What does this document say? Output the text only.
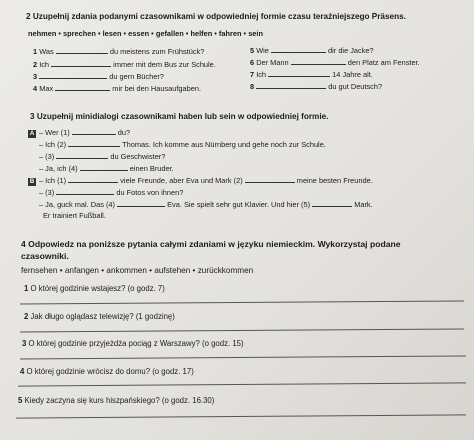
2 Uzupełnij zdania podanymi czasownikami w odpowiedniej formie czasu teraźniejszego Präsens.
nehmen • sprechen • lesen • essen • gefallen • helfen • fahren • sein
1 Was	du meistens zum Frühstück?
2 Ich	immer mit dem Bus zur Schule.
3	du gern Bücher?
4 Max	mir bei den Hausaufgaben.
5 Wie	dir die Jacke?
6 Der Mann	den Platz am Fenster.
7 Ich	14 Jahre alt.
8	du gut Deutsch?
3 Uzupełnij minidialogi czasownikami haben lub sein w odpowiedniej formie.
A – Wer (1)	du?
– Ich (2)	Thomas. Ich komme aus Nürnberg und gehe noch zur Schule.
– (3)	du Geschwister?
– Ja, ich (4)	einen Bruder.
B – Ich (1)	viele Freunde, aber Eva und Mark (2)	meine besten Freunde.
– (3)	du Fotos von ihnen?
– Ja, guck mal. Das (4)	Eva. Sie spielt sehr gut Klavier. Und hier (5)	Mark.
Er trainiert Fußball.
4 Odpowiedz na poniższe pytania całymi zdaniami w języku niemieckim. Wykorzystaj podane
czasowniki.
fernsehen • anfangen • ankommen • aufstehen • zurückkommen
1 O której godzinie wstajesz? (o godz. 7)
2 Jak długo oglądasz telewizję? (1 godzinę)
3 O której godzinie przyjeżdża pociąg z Warszawy? (o godz. 15)
4 O której godzinie wrócisz do domu? (o godz. 17)
5 Kiedy zaczyna się kurs hiszpańskiego? (o godz. 16.30)
